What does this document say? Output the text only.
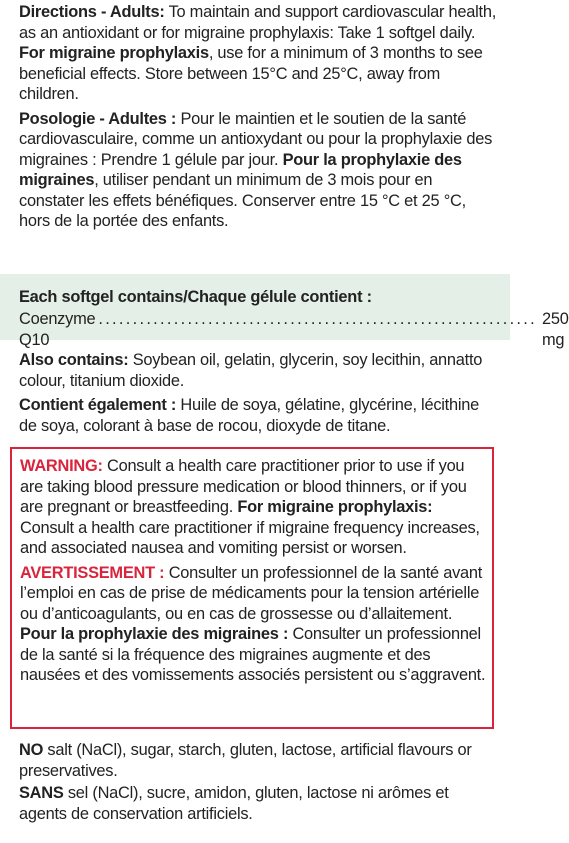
Directions - Adults: To maintain and support cardiovascular health, as an antioxidant or for migraine prophylaxis: Take 1 softgel daily. For migraine prophylaxis, use for a minimum of 3 months to see beneficial effects. Store between 15°C and 25°C, away from children.

Posologie - Adultes : Pour le maintien et le soutien de la santé cardiovasculaire, comme un antioxydant ou pour la prophylaxie des migraines : Prendre 1 gélule par jour. Pour la prophylaxie des migraines, utiliser pendant un minimum de 3 mois pour en constater les effets bénéfiques. Conserver entre 15 °C et 25 °C, hors de la portée des enfants.

Each softgel contains/Chaque gélule contient :
Coenzyme Q10
................................................................ 250 mg

Also contains: Soybean oil, gelatin, glycerin, soy lecithin, annatto colour, titanium dioxide.

Contient également : Huile de soya, gélatine, glycérine, lécithine de soya, colorant à base de rocou, dioxyde de titane.

WARNING: Consult a health care practitioner prior to use if you are taking blood pressure medication or blood thinners, or if you are pregnant or breastfeeding. For migraine prophylaxis: Consult a health care practitioner if migraine frequency increases, and associated nausea and vomiting persist or worsen.

AVERTISSEMENT : Consulter un professionnel de la santé avant l’emploi en cas de prise de médicaments pour la tension artérielle ou d’anticoagulants, ou en cas de grossesse ou d’allaitement. Pour la prophylaxie des migraines : Consulter un professionnel de la santé si la fréquence des migraines augmente et des nausées et des vomissements associés persistent ou s’aggravent.

NO salt (NaCl), sugar, starch, gluten, lactose, artificial flavours or preservatives.

SANS sel (NaCl), sucre, amidon, gluten, lactose ni arômes et agents de conservation artificiels.
